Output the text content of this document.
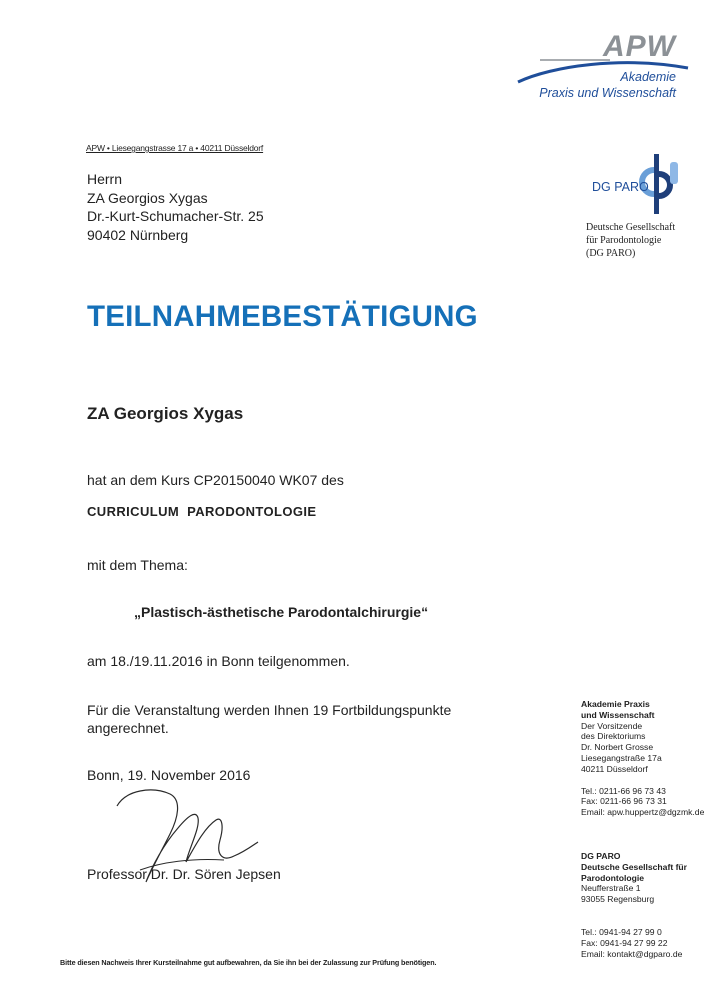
APW
Akademie
Praxis und Wissenschaft
APW • Liesegangstrasse 17 a • 40211 Düsseldorf
Herrn
ZA Georgios Xygas
Dr.-Kurt-Schumacher-Str. 25
90402 Nürnberg
DG PARO
Deutsche Gesellschaft
für Parodontologie
(DG PARO)
TEILNAHMEBESTÄTIGUNG
ZA Georgios Xygas
hat an dem Kurs CP20150040 WK07 des
CURRICULUM  PARODONTOLOGIE
mit dem Thema:
„Plastisch-ästhetische Parodontalchirurgie“
am 18./19.11.2016 in Bonn teilgenommen.
Für die Veranstaltung werden Ihnen 19 Fortbildungspunkte angerechnet.
Bonn, 19. November 2016
Professor Dr. Dr. Sören Jepsen
Bitte diesen Nachweis Ihrer Kursteilnahme gut aufbewahren, da Sie ihn bei der Zulassung zur Prüfung benötigen.
Akademie Praxis
und Wissenschaft
Der Vorsitzende
des Direktoriums
Dr. Norbert Grosse
Liesegangstraße 17a
40211 Düsseldorf
Tel.: 0211-66 96 73 43
Fax: 0211-66 96 73 31
Email: apw.huppertz@dgzmk.de
DG PARO
Deutsche Gesellschaft für
Parodontologie
Neufferstraße 1
93055 Regensburg
Tel.: 0941-94 27 99 0
Fax: 0941-94 27 99 22
Email: kontakt@dgparo.de
